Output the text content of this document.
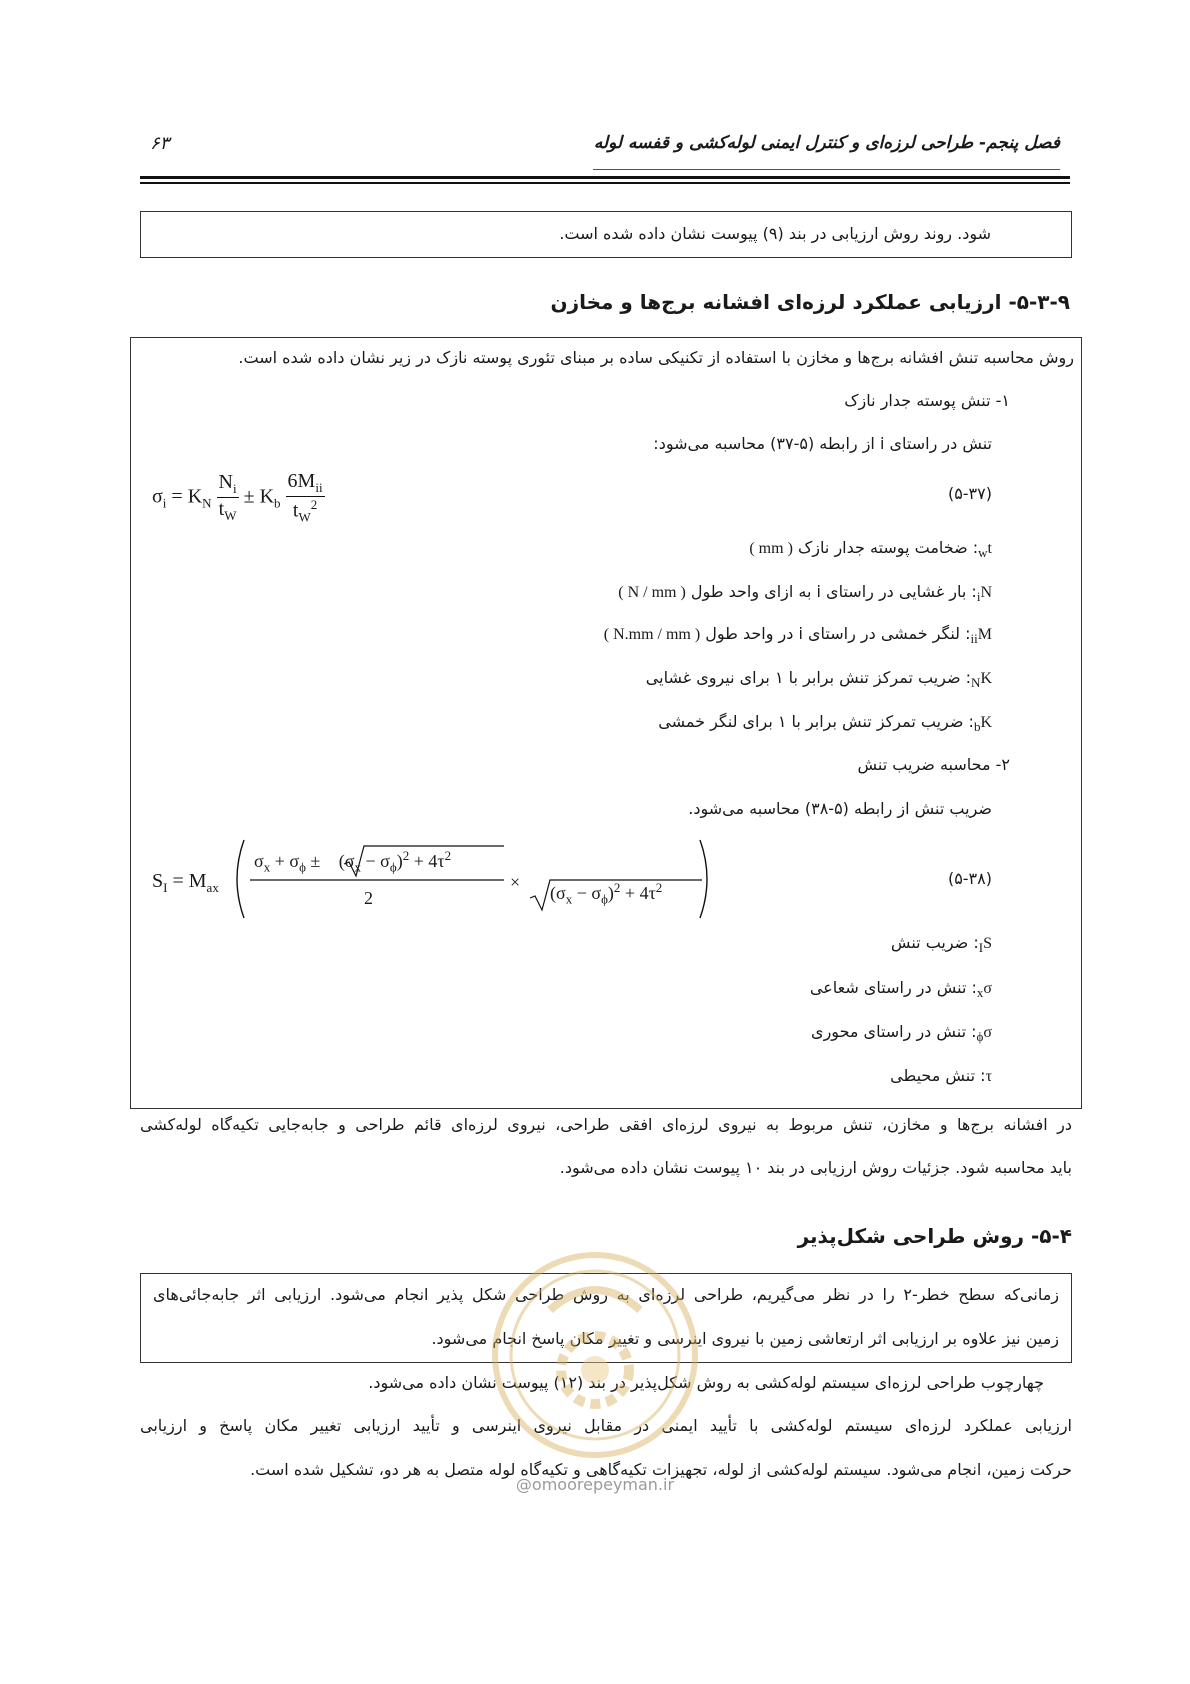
فصل پنجم- طراحی لرزه‌ای و کنترل ایمنی لوله‌کشی و قفسه لوله
۶۳
شود. روند روش ارزیابی در بند (۹) پیوست نشان داده شده است.
۵-۳-۹- ارزیابی عملکرد لرزه‌ای افشانه برج‌ها و مخازن
روش محاسبه تنش افشانه برج‌ها و مخازن با استفاده از تکنیکی ساده بر مبنای تئوری پوسته نازک در زیر نشان داده شده است.
۱- تنش پوسته جدار نازک
تنش در راستای i از رابطه (۵-۳۷) محاسبه می‌شود:
$\sigma_i = K_N \frac{N_i}{t_W} \pm K_b \frac{6M_{ii}}{t_W^2}$	(۵-۳۷)
$t_w$: ضخامت پوسته جدار نازک ( mm )
$N_i$: بار غشایی در راستای i به ازای واحد طول ( N / mm )
$M_{ii}$: لنگر خمشی در راستای i در واحد طول ( N.mm / mm )
$K_N$: ضریب تمرکز تنش برابر با ۱ برای نیروی غشایی
$K_b$: ضریب تمرکز تنش برابر با ۱ برای لنگر خمشی
۲- محاسبه ضریب تنش
ضریب تنش از رابطه (۵-۳۸) محاسبه می‌شود.
$S_I = M_{ax}$
$\sigma_x + \sigma_\phi \pm (\sigma_x - \sigma_\phi)^2 + 4\tau^2$
2
×
$(\sigma_x - \sigma_\phi)^2 + 4\tau^2$	(۵-۳۸)
$S_I$: ضریب تنش
$\sigma_x$: تنش در راستای شعاعی
$\sigma_\phi$: تنش در راستای محوری
τ: تنش محیطی
در افشانه برج‌ها و مخازن، تنش مربوط به نیروی لرزه‌ای افقی طراحی، نیروی لرزه‌ای قائم طراحی و جابه‌جایی تکیه‌گاه لوله‌کشی
باید محاسبه شود. جزئیات روش ارزیابی در بند ۱۰ پیوست نشان داده می‌شود.
۵-۴- روش طراحی شکل‌پذیر
زمانی‌که سطح خطر-۲ را در نظر می‌گیریم، طراحی لرزه‌ای به روش طراحی شکل پذیر انجام می‌شود. ارزیابی اثر جابه‌جائی‌های
زمین نیز علاوه بر ارزیابی اثر ارتعاشی زمین با نیروی اینرسی و تغییر مکان پاسخ انجام می‌شود.
چهارچوب طراحی لرزه‌ای سیستم لوله‌کشی به روش شکل‌پذیر در بند (۱۲) پیوست نشان داده می‌شود.
ارزیابی عملکرد لرزه‌ای سیستم لوله‌کشی با تأیید ایمنی در مقابل نیروی اینرسی و تأیید ارزیابی تغییر مکان پاسخ و ارزیابی
حرکت زمین، انجام می‌شود. سیستم لوله‌کشی از لوله، تجهیزات تکیه‌گاهی و تکیه‌گاه لوله متصل به هر دو، تشکیل شده است.
@omoorepeyman.ir
